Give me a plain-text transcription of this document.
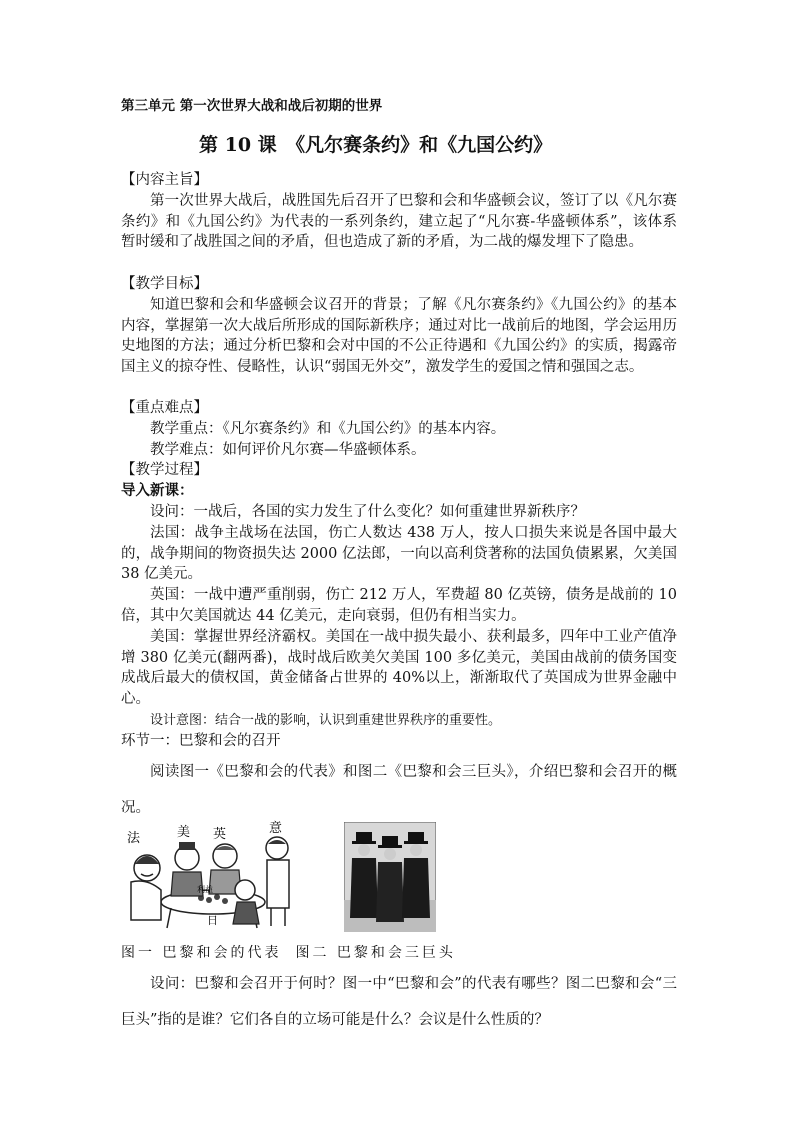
第三单元 第一次世界大战和战后初期的世界
第 10 课　《凡尔赛条约》和《九国公约》
【内容主旨】
第一次世界大战后，战胜国先后召开了巴黎和会和华盛顿会议，签订了以《凡尔赛条约》和《九国公约》为代表的一系列条约，建立起了“凡尔赛-华盛顿体系”，该体系暂时缓和了战胜国之间的矛盾，但也造成了新的矛盾，为二战的爆发埋下了隐患。
【教学目标】
知道巴黎和会和华盛顿会议召开的背景；了解《凡尔赛条约》《九国公约》的基本内容，掌握第一次大战后所形成的国际新秩序；通过对比一战前后的地图，学会运用历史地图的方法；通过分析巴黎和会对中国的不公正待遇和《九国公约》的实质，揭露帝国主义的掠夺性、侵略性，认识“弱国无外交”，激发学生的爱国之情和强国之志。
【重点难点】
教学重点：《凡尔赛条约》和《九国公约》的基本内容。
教学难点：如何评价凡尔赛—华盛顿体系。
【教学过程】
导入新课：
设问：一战后，各国的实力发生了什么变化？如何重建世界新秩序？
法国：战争主战场在法国，伤亡人数达 438 万人，按人口损失来说是各国中最大的，战争期间的物资损失达 2000 亿法郎，一向以高利贷著称的法国负债累累，欠美国 38 亿美元。
英国：一战中遭严重削弱，伤亡 212 万人，军费超 80 亿英镑，债务是战前的 10 倍，其中欠美国就达 44 亿美元，走向衰弱，但仍有相当实力。
美国：掌握世界经济霸权。美国在一战中损失最小、获利最多，四年中工业产值净增 380 亿美元(翻两番)，战时战后欧美欠美国 100 多亿美元，美国由战前的债务国变成战后最大的债权国，黄金储备占世界的 40%以上，渐渐取代了英国成为世界金融中心。
设计意图：结合一战的影响，认识到重建世界秩序的重要性。
环节一：巴黎和会的召开
阅读图一《巴黎和会的代表》和图二《巴黎和会三巨头》，介绍巴黎和会召开的概况。
法	美 英	意
日
利益
图一 巴黎和会的代表 图二 巴黎和会三巨头
设问：巴黎和会召开于何时？图一中“巴黎和会”的代表有哪些？图二巴黎和会“三巨头”指的是谁？它们各自的立场可能是什么？会议是什么性质的？
